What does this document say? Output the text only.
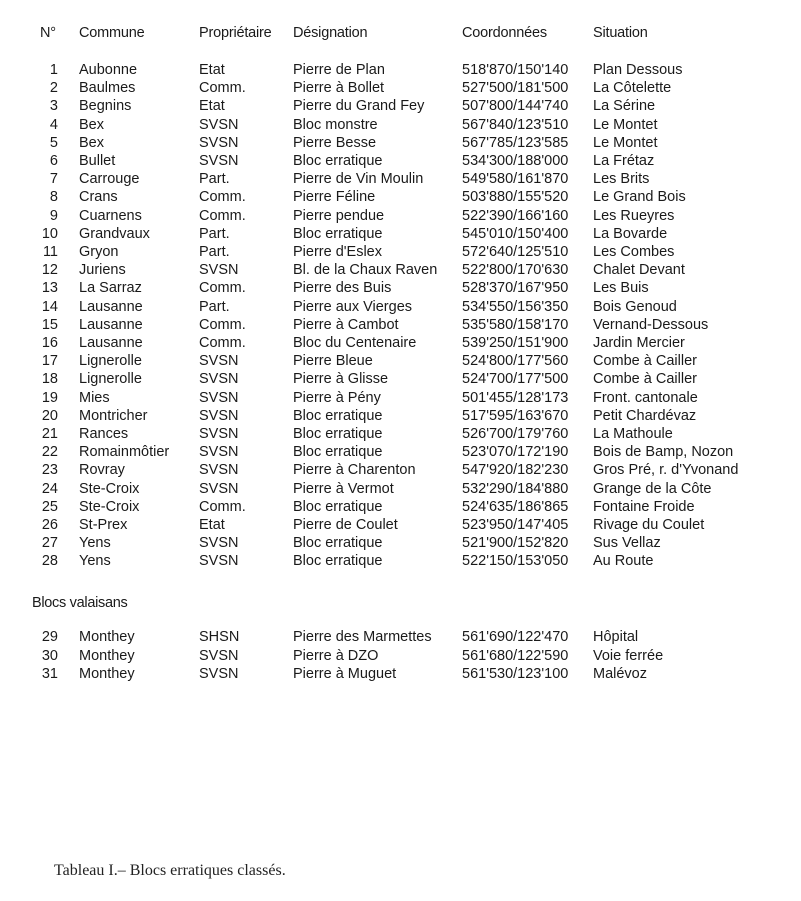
N° Commune	Propriétaire Désignation	Coordonnées	Situation
1 Aubonne	Etat	Pierre de Plan	518'870/150'140 Plan Dessous
2 Baulmes	Comm.	Pierre à Bollet	527'500/181'500 La Côtelette
3 Begnins	Etat	Pierre du Grand Fey	507'800/144'740 La Sérine
4 Bex	SVSN	Bloc monstre	567'840/123'510 Le Montet
5 Bex	SVSN	Pierre Besse	567'785/123'585 Le Montet
6 Bullet	SVSN	Bloc erratique	534'300/188'000 La Frétaz
7 Carrouge	Part.	Pierre de Vin Moulin	549'580/161'870 Les Brits
8 Crans	Comm.	Pierre Féline	503'880/155'520 Le Grand Bois
9 Cuarnens	Comm.	Pierre pendue	522'390/166'160 Les Rueyres
10 Grandvaux	Part.	Bloc erratique	545'010/150'400 La Bovarde
11 Gryon	Part.	Pierre d'Eslex	572'640/125'510 Les Combes
12 Juriens	SVSN	Bl. de la Chaux Raven 522'800/170'630 Chalet Devant
13 La Sarraz	Comm.	Pierre des Buis	528'370/167'950 Les Buis
14 Lausanne	Part.	Pierre aux Vierges	534'550/156'350 Bois Genoud
15 Lausanne	Comm.	Pierre à Cambot	535'580/158'170 Vernand-Dessous
16 Lausanne	Comm.	Bloc du Centenaire	539'250/151'900 Jardin Mercier
17 Lignerolle	SVSN	Pierre Bleue	524'800/177'560 Combe à Cailler
18 Lignerolle	SVSN	Pierre à Glisse	524'700/177'500 Combe à Cailler
19 Mies	SVSN	Pierre à Pény	501'455/128'173 Front. cantonale
20 Montricher	SVSN	Bloc erratique	517'595/163'670 Petit Chardévaz
21 Rances	SVSN	Bloc erratique	526'700/179'760 La Mathoule
22 Romainmôtier SVSN	Bloc erratique	523'070/172'190 Bois de Bamp, Nozon
23 Rovray	SVSN	Pierre à Charenton	547'920/182'230 Gros Pré, r. d'Yvonand
24 Ste-Croix	SVSN	Pierre à Vermot	532'290/184'880 Grange de la Côte
25 Ste-Croix	Comm.	Bloc erratique	524'635/186'865 Fontaine Froide
26 St-Prex	Etat	Pierre de Coulet	523'950/147'405 Rivage du Coulet
27 Yens	SVSN	Bloc erratique	521'900/152'820 Sus Vellaz
28 Yens	SVSN	Bloc erratique	522'150/153'050 Au Route
Blocs valaisans
29 Monthey	SHSN	Pierre des Marmettes 561'690/122'470 Hôpital
30 Monthey	SVSN	Pierre à DZO	561'680/122'590 Voie ferrée
31 Monthey	SVSN	Pierre à Muguet	561'530/123'100 Malévoz
Tableau I.– Blocs erratiques classés.
